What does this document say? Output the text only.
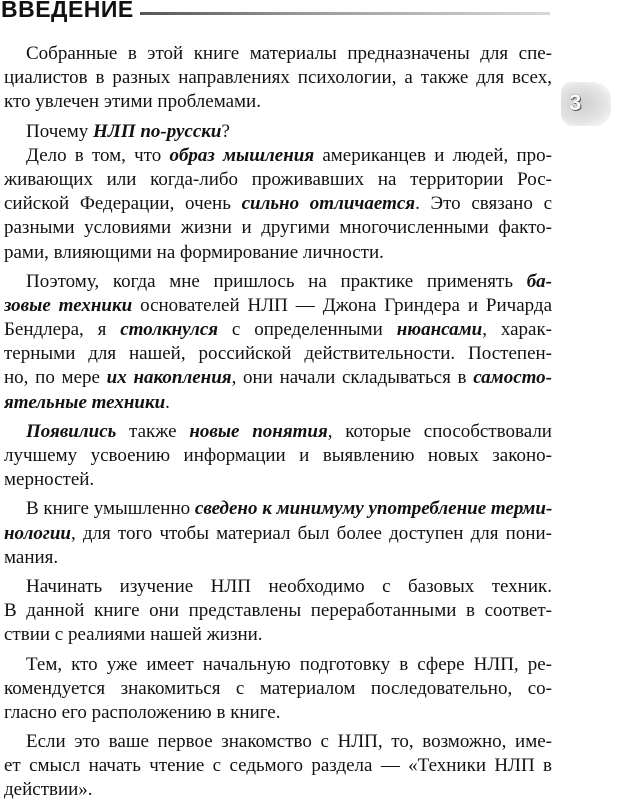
ВВЕДЕНИЕ
3
Собранные в этой книге материалы предназначены для спе-
циалистов в разных направлениях психологии, а также для всех,
кто увлечен этими проблемами.
Почему НЛП по-русски?
Дело в том, что образ мышления американцев и людей, про-
живающих или когда-либо проживавших на территории Рос-
сийской Федерации, очень сильно отличается. Это связано с
разными условиями жизни и другими многочисленными факто-
рами, влияющими на формирование личности.
Поэтому, когда мне пришлось на практике применять ба-
зовые техники основателей НЛП — Джона Гриндера и Ричарда
Бендлера, я столкнулся с определенными нюансами, харак-
терными для нашей, российской действительности. Постепен-
но, по мере их накопления, они начали складываться в самосто-
ятельные техники.
Появились также новые понятия, которые способствовали
лучшему усвоению информации и выявлению новых законо-
мерностей.
В книге умышленно сведено к минимуму употребление терми-
нологии, для того чтобы материал был более доступен для пони-
мания.
Начинать изучение НЛП необходимо с базовых техник.
В данной книге они представлены переработанными в соответ-
ствии с реалиями нашей жизни.
Тем, кто уже имеет начальную подготовку в сфере НЛП, ре-
комендуется знакомиться с материалом последовательно, со-
гласно его расположению в книге.
Если это ваше первое знакомство с НЛП, то, возможно, име-
ет смысл начать чтение с седьмого раздела — «Техники НЛП в
действии».
